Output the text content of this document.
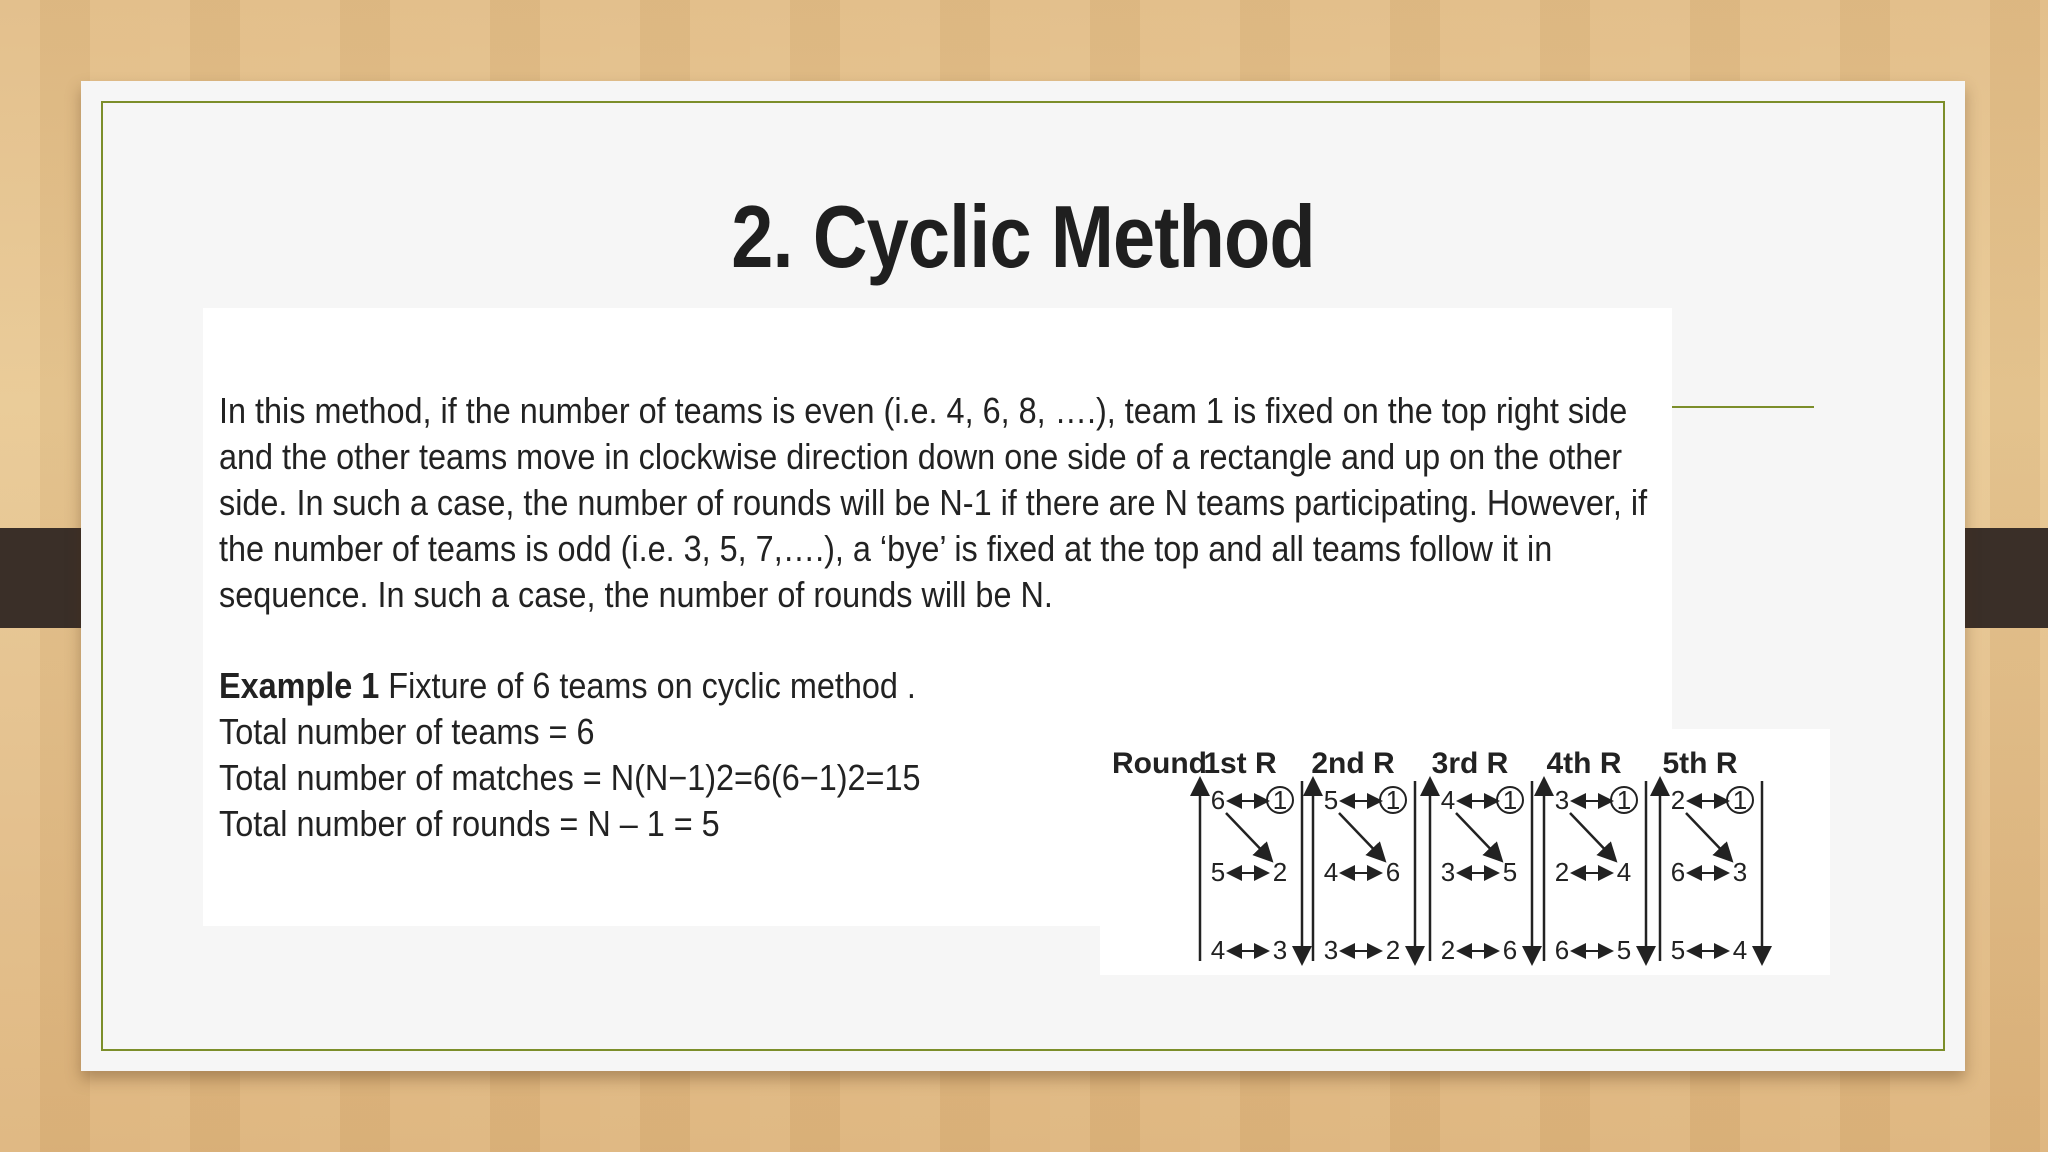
2. Cyclic Method

In this method, if the number of teams is even (i.e. 4, 6, 8, ….), team 1 is fixed on the top right side and the other teams move in clockwise direction down one side of a rectangle and up on the other side. In such a case, the number of rounds will be N-1 if there are N teams participating. However, if the number of teams is odd (i.e. 3, 5, 7,….), a ‘bye’ is fixed at the top and all teams follow it in sequence. In such a case, the number of rounds will be N.

Example 1 Fixture of 6 teams on cyclic method .
Total number of teams = 6
Total number of matches = N(N−1)2=6(6−1)2=15
Total number of rounds = N – 1 = 5
Round
1st R
6 1
5 2
4 3
2nd R
5 1
4 6
3 2
3rd R
4 1
3 5
2 6
4th R
3 1
2 4
6 5
5th R
2 1
6 3
5 4
